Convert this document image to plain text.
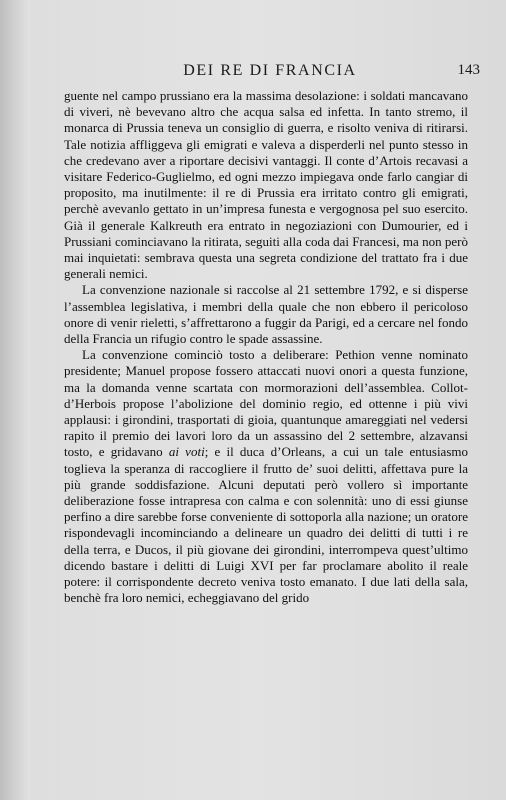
DEI RE DI FRANCIA	143

guente nel campo prussiano era la massima desolazione: i soldati mancavano di viveri, nè bevevano altro che acqua salsa ed infetta. In tanto stremo, il monarca di Prussia teneva un consiglio di guerra, e risolto veniva di ritirarsi. Tale notizia affliggeva gli emigrati e valeva a disperderli nel punto stesso in che credevano aver a riportare decisivi vantaggi. Il conte d’Artois recavasi a visitare Federico-Guglielmo, ed ogni mezzo impiegava onde farlo cangiar di proposito, ma inutilmente: il re di Prussia era irritato contro gli emigrati, perchè avevanlo gettato in un’impresa funesta e vergognosa pel suo esercito. Già il generale Kalkreuth era entrato in negoziazioni con Dumourier, ed i Prussiani cominciavano la ritirata, seguiti alla coda dai Francesi, ma non però mai inquietati: sembrava questa una segreta condizione del trattato fra i due generali nemici.

La convenzione nazionale si raccolse al 21 settembre 1792, e si disperse l’assemblea legislativa, i membri della quale che non ebbero il pericoloso onore di venir rieletti, s’affrettarono a fuggir da Parigi, ed a cercare nel fondo della Francia un rifugio contro le spade assassine.

La convenzione cominciò tosto a deliberare: Pethion venne nominato presidente; Manuel propose fossero attaccati nuovi onori a questa funzione, ma la domanda venne scartata con mormorazioni dell’assemblea. Collot-d’Herbois propose l’abolizione del dominio regio, ed ottenne i più vivi applausi: i girondini, trasportati di gioia, quantunque amareggiati nel vedersi rapito il premio dei lavori loro da un assassino del 2 settembre, alzavansi tosto, e gridavano ai voti; e il duca d’Orleans, a cui un tale entusiasmo toglieva la speranza di raccogliere il frutto de’ suoi delitti, affettava pure la più grande soddisfazione. Alcuni deputati però vollero sì importante deliberazione fosse intrapresa con calma e con solennità: uno di essi giunse perfino a dire sarebbe forse conveniente di sottoporla alla nazione; un oratore rispondevagli incominciando a delineare un quadro dei delitti di tutti i re della terra, e Ducos, il più giovane dei girondini, interrompeva quest’ultimo dicendo bastare i delitti di Luigi XVI per far proclamare abolito il reale potere: il corrispondente decreto veniva tosto emanato. I due lati della sala, benchè fra loro nemici, echeggiavano del grido
